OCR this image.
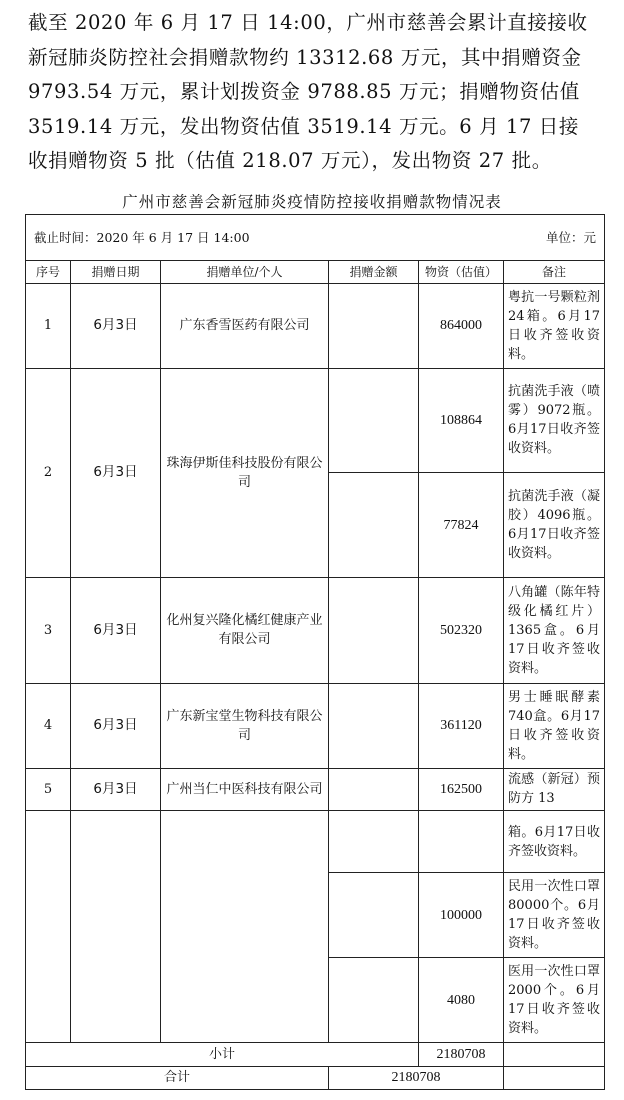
截至 2020 年 6 月 17 日 14:00，广州市慈善会累计直接接收新冠肺炎防控社会捐赠款物约 13312.68 万元，其中捐赠资金 9793.54 万元，累计划拨资金 9788.85 万元；捐赠物资估值 3519.14 万元，发出物资估值 3519.14 万元。6 月 17 日接收捐赠物资 5 批（估值 218.07 万元），发出物资 27 批。

广州市慈善会新冠肺炎疫情防控接收捐赠款物情况表
截止时间：2020 年 6 月 17 日 14:00 单位：元					

序号	捐赠日期	捐赠单位/个人	捐赠金额	物资（估值）	备注
1	6月3日	广东香雪医药有限公司		864000	粤抗一号颗粒剂24箱。6月17日收齐签收资料。
2	6月3日	珠海伊斯佳科技股份有限公司		108864	抗菌洗手液（喷雾）9072瓶。6月17日收齐签收资料。
				77824	抗菌洗手液（凝胶）4096瓶。6月17日收齐签收资料。
3	6月3日	化州复兴隆化橘红健康产业有限公司		502320	八角罐（陈年特级化橘红片）1365盒。6月17日收齐签收资料。
4	6月3日	广东新宝堂生物科技有限公司		361120	男士睡眠酵素740盒。6月17日收齐签收资料。
5	6月3日	广州当仁中医科技有限公司		162500	流感（新冠）预防方 13
					箱。6月17日收齐签收资料。
				100000	民用一次性口罩 80000个。6月17日收齐签收资料。
				4080	医用一次性口罩 2000个。6月17日收齐签收资料。
小计				2180708	
合计			2180708		
